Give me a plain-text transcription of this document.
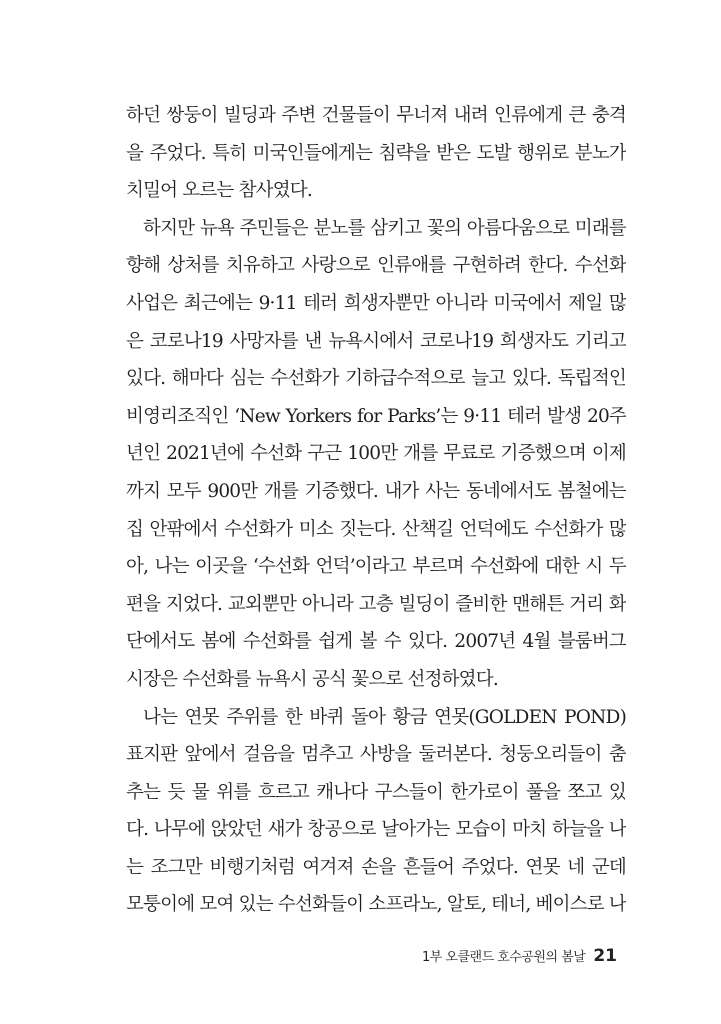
하던 쌍둥이 빌딩과 주변 건물들이 무너져 내려 인류에게 큰 충격
을 주었다. 특히 미국인들에게는 침략을 받은 도발 행위로 분노가
치밀어 오르는 참사였다.
하지만 뉴욕 주민들은 분노를 삼키고 꽃의 아름다움으로 미래를
향해 상처를 치유하고 사랑으로 인류애를 구현하려 한다. 수선화
사업은 최근에는 9·11 테러 희생자뿐만 아니라 미국에서 제일 많
은 코로나19 사망자를 낸 뉴욕시에서 코로나19 희생자도 기리고
있다. 해마다 심는 수선화가 기하급수적으로 늘고 있다. 독립적인
비영리조직인 ‘New Yorkers for Parks’는 9·11 테러 발생 20주
년인 2021년에 수선화 구근 100만 개를 무료로 기증했으며 이제
까지 모두 900만 개를 기증했다. 내가 사는 동네에서도 봄철에는
집 안팎에서 수선화가 미소 짓는다. 산책길 언덕에도 수선화가 많
아, 나는 이곳을 ‘수선화 언덕’이라고 부르며 수선화에 대한 시 두
편을 지었다. 교외뿐만 아니라 고층 빌딩이 즐비한 맨해튼 거리 화
단에서도 봄에 수선화를 쉽게 볼 수 있다. 2007년 4월 블룸버그
시장은 수선화를 뉴욕시 공식 꽃으로 선정하였다.
나는 연못 주위를 한 바퀴 돌아 황금 연못(GOLDEN POND)
표지판 앞에서 걸음을 멈추고 사방을 둘러본다. 청둥오리들이 춤
추는 듯 물 위를 흐르고 캐나다 구스들이 한가로이 풀을 쪼고 있
다. 나무에 앉았던 새가 창공으로 날아가는 모습이 마치 하늘을 나
는 조그만 비행기처럼 여겨져 손을 흔들어 주었다. 연못 네 군데
모퉁이에 모여 있는 수선화들이 소프라노, 알토, 테너, 베이스로 나
1부 오클랜드 호수공원의 봄날 21
